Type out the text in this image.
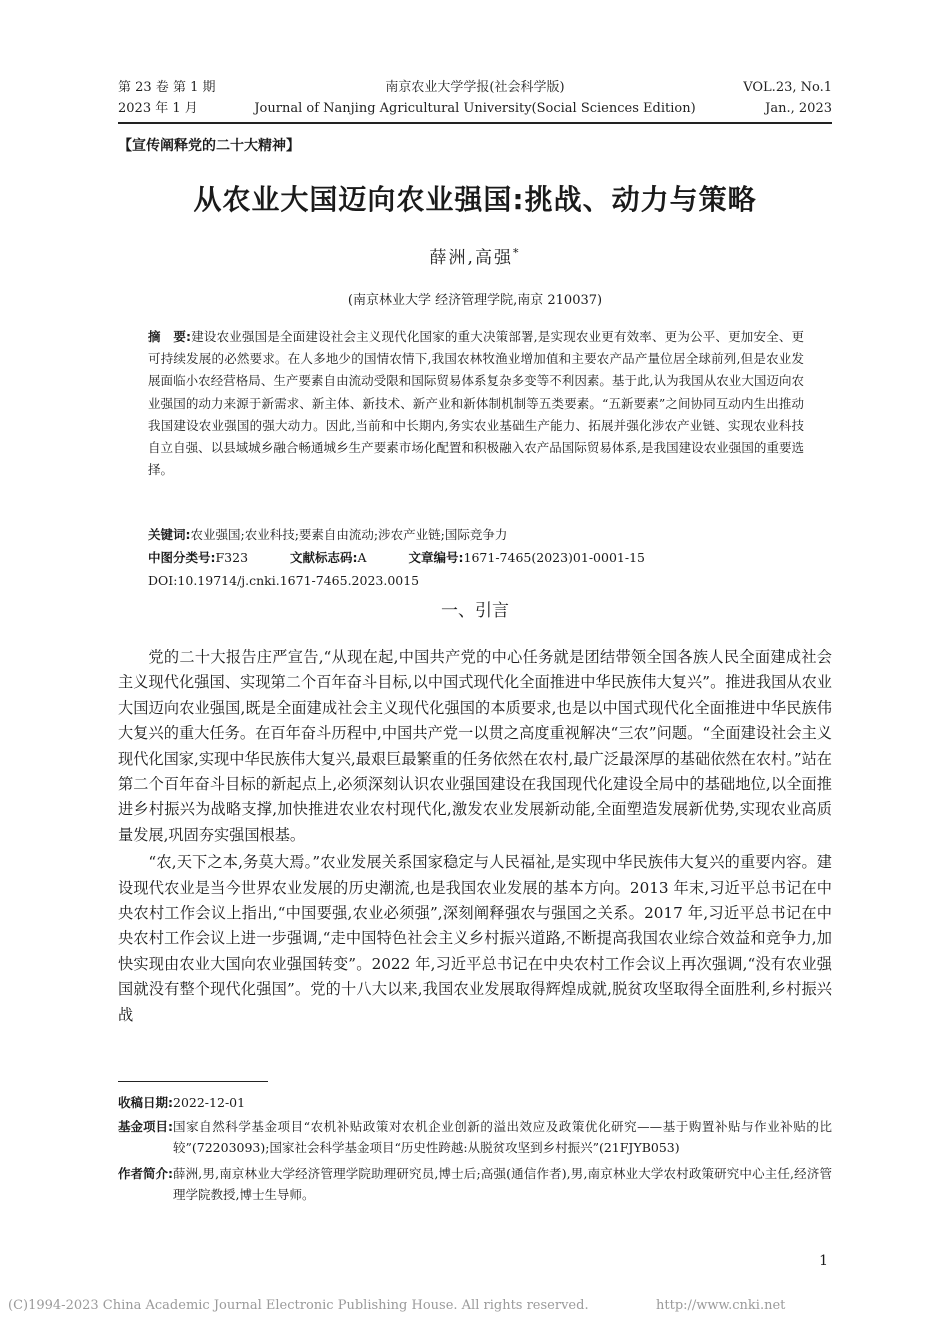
第 23 卷 第 1 期
2023 年 1 月
南京农业大学学报(社会科学版)
Journal of Nanjing Agricultural University(Social Sciences Edition)
VOL.23, No.1
Jan., 2023
【宣传阐释党的二十大精神】
从农业大国迈向农业强国:挑战、动力与策略
薛洲,高强*
(南京林业大学 经济管理学院,南京 210037)
摘　要:建设农业强国是全面建设社会主义现代化国家的重大决策部署,是实现农业更有效率、更为公平、更加安全、更可持续发展的必然要求。在人多地少的国情农情下,我国农林牧渔业增加值和主要农产品产量位居全球前列,但是农业发展面临小农经营格局、生产要素自由流动受限和国际贸易体系复杂多变等不利因素。基于此,认为我国从农业大国迈向农业强国的动力来源于新需求、新主体、新技术、新产业和新体制机制等五类要素。“五新要素”之间协同互动内生出推动我国建设农业强国的强大动力。因此,当前和中长期内,务实农业基础生产能力、拓展并强化涉农产业链、实现农业科技自立自强、以县域城乡融合畅通城乡生产要素市场化配置和积极融入农产品国际贸易体系,是我国建设农业强国的重要选择。
关键词:农业强国;农业科技;要素自由流动;涉农产业链;国际竞争力
中图分类号:F323	文献标志码:A	文章编号:1671-7465(2023)01-0001-15
DOI:10.19714/j.cnki.1671-7465.2023.0015
一、引言

党的二十大报告庄严宣告,“从现在起,中国共产党的中心任务就是团结带领全国各族人民全面建成社会主义现代化强国、实现第二个百年奋斗目标,以中国式现代化全面推进中华民族伟大复兴”。推进我国从农业大国迈向农业强国,既是全面建成社会主义现代化强国的本质要求,也是以中国式现代化全面推进中华民族伟大复兴的重大任务。在百年奋斗历程中,中国共产党一以贯之高度重视解决“三农”问题。“全面建设社会主义现代化国家,实现中华民族伟大复兴,最艰巨最繁重的任务依然在农村,最广泛最深厚的基础依然在农村。”站在第二个百年奋斗目标的新起点上,必须深刻认识农业强国建设在我国现代化建设全局中的基础地位,以全面推进乡村振兴为战略支撑,加快推进农业农村现代化,激发农业发展新动能,全面塑造发展新优势,实现农业高质量发展,巩固夯实强国根基。

“农,天下之本,务莫大焉。”农业发展关系国家稳定与人民福祉,是实现中华民族伟大复兴的重要内容。建设现代农业是当今世界农业发展的历史潮流,也是我国农业发展的基本方向。2013 年末,习近平总书记在中央农村工作会议上指出,“中国要强,农业必须强”,深刻阐释强农与强国之关系。2017 年,习近平总书记在中央农村工作会议上进一步强调,“走中国特色社会主义乡村振兴道路,不断提高我国农业综合效益和竞争力,加快实现由农业大国向农业强国转变”。2022 年,习近平总书记在中央农村工作会议上再次强调,“没有农业强国就没有整个现代化强国”。党的十八大以来,我国农业发展取得辉煌成就,脱贫攻坚取得全面胜利,乡村振兴战

收稿日期: 2022-12-01
基金项目: 国家自然科学基金项目“农机补贴政策对农机企业创新的溢出效应及政策优化研究——基于购置补贴与作业补贴的比较”(72203093);国家社会科学基金项目“历史性跨越:从脱贫攻坚到乡村振兴”(21FJYB053)
作者简介: 薛洲,男,南京林业大学经济管理学院助理研究员,博士后;高强(通信作者),男,南京林业大学农村政策研究中心主任,经济管理学院教授,博士生导师。
1
(C)1994-2023 China Academic Journal Electronic Publishing House. All rights reserved.	http://www.cnki.net
